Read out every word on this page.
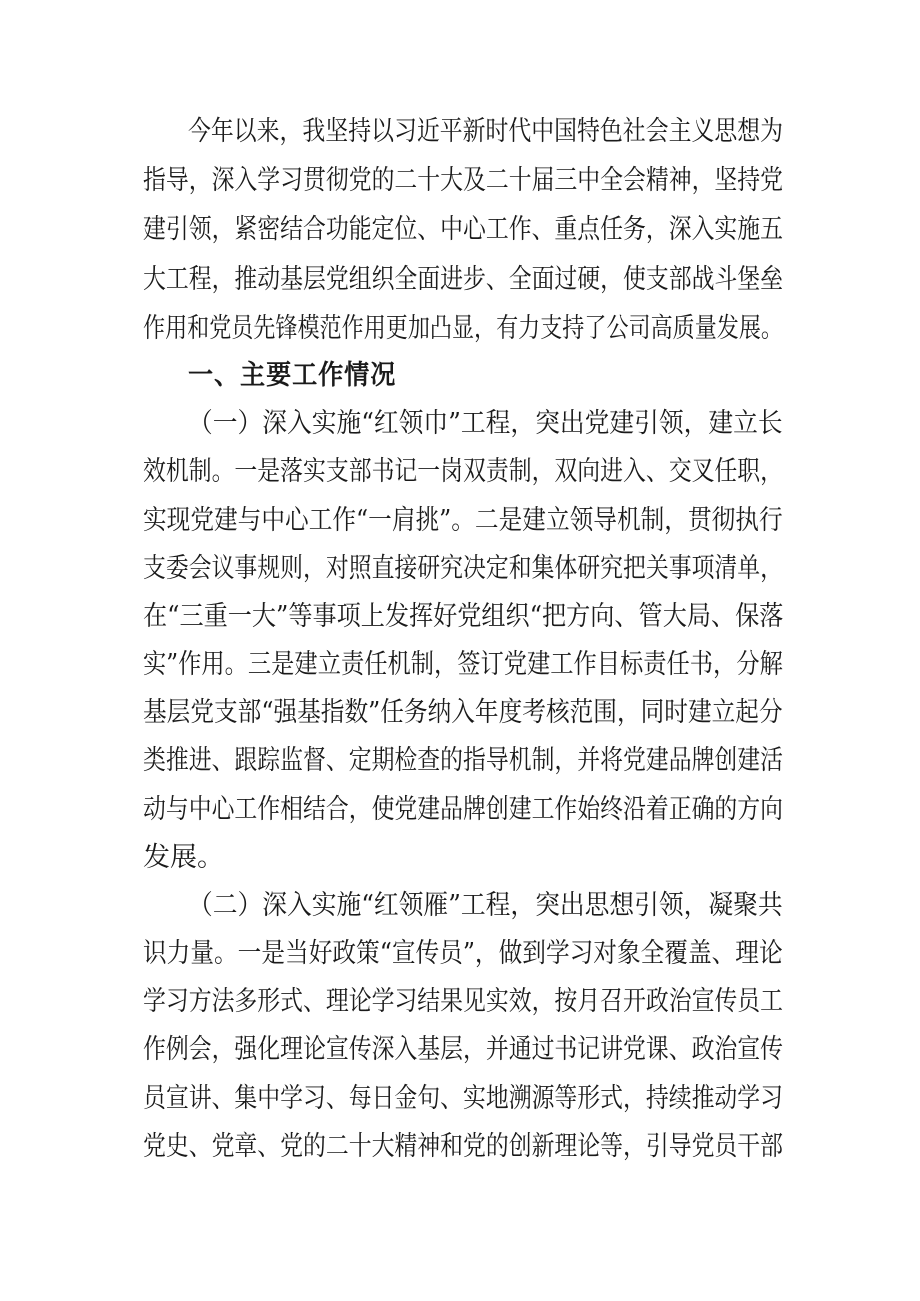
今年以来，我坚持以习近平新时代中国特色社会主义思想为
指导，深入学习贯彻党的二十大及二十届三中全会精神，坚持党
建引领，紧密结合功能定位、中心工作、重点任务，深入实施五
大工程，推动基层党组织全面进步、全面过硬，使支部战斗堡垒
作用和党员先锋模范作用更加凸显，有力支持了公司高质量发展。
一、主要工作情况
（一）深入实施“红领巾”工程，突出党建引领，建立长
效机制。一是落实支部书记一岗双责制，双向进入、交叉任职，
实现党建与中心工作“一肩挑”。二是建立领导机制，贯彻执行
支委会议事规则，对照直接研究决定和集体研究把关事项清单，
在“三重一大”等事项上发挥好党组织“把方向、管大局、保落
实”作用。三是建立责任机制，签订党建工作目标责任书，分解
基层党支部“强基指数”任务纳入年度考核范围，同时建立起分
类推进、跟踪监督、定期检查的指导机制，并将党建品牌创建活
动与中心工作相结合，使党建品牌创建工作始终沿着正确的方向
发展。
（二）深入实施“红领雁”工程，突出思想引领，凝聚共
识力量。一是当好政策“宣传员”，做到学习对象全覆盖、理论
学习方法多形式、理论学习结果见实效，按月召开政治宣传员工
作例会，强化理论宣传深入基层，并通过书记讲党课、政治宣传
员宣讲、集中学习、每日金句、实地溯源等形式，持续推动学习
党史、党章、党的二十大精神和党的创新理论等，引导党员干部
